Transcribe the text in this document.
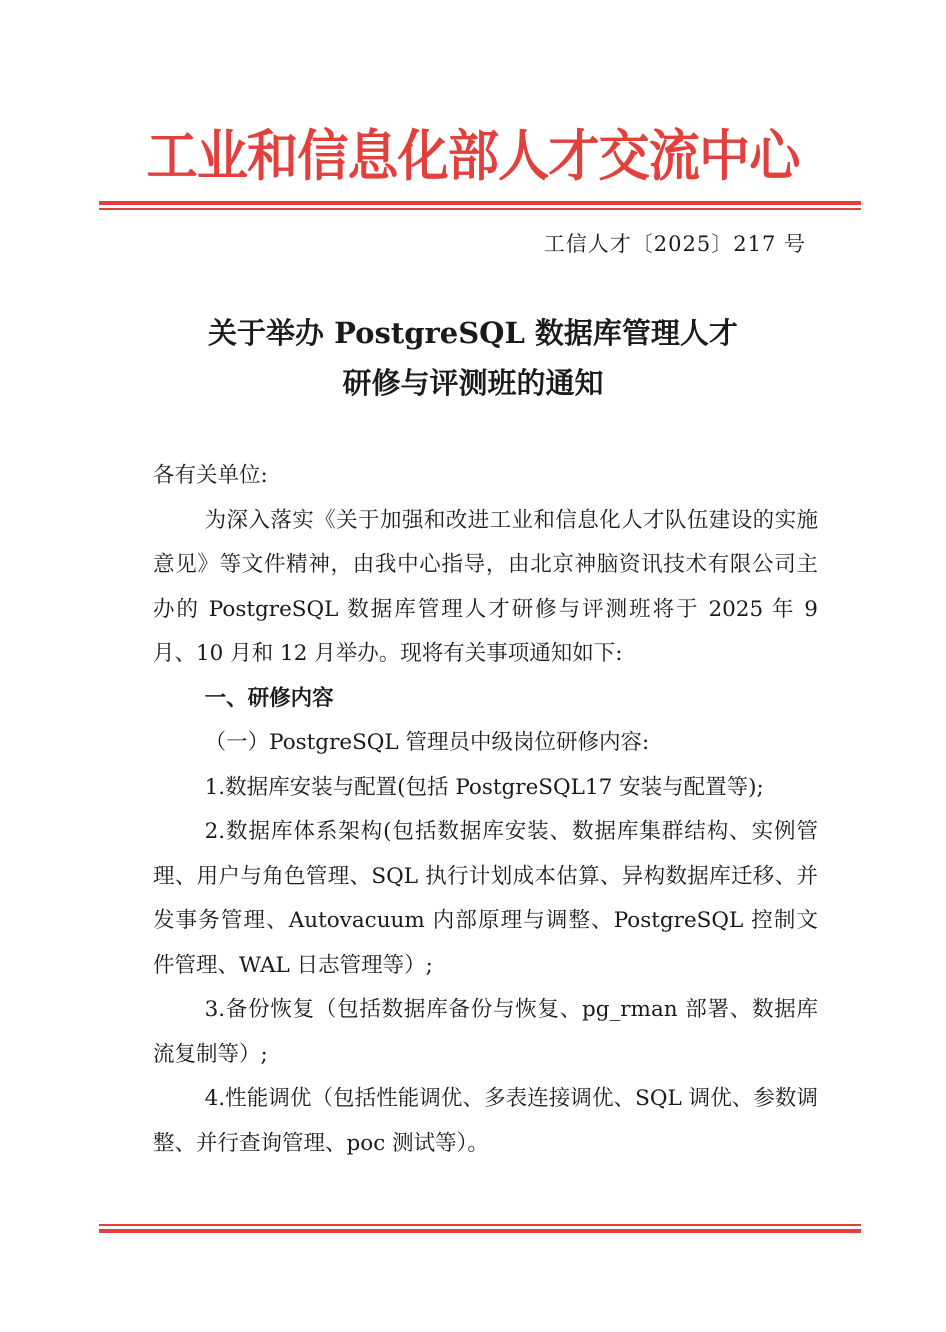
工业和信息化部人才交流中心
工信人才〔2025〕217 号
关于举办 PostgreSQL 数据库管理人才
研修与评测班的通知

各有关单位:

为深入落实《关于加强和改进工业和信息化人才队伍建设的实施意见》等文件精神，由我中心指导，由北京神脑资讯技术有限公司主办的 PostgreSQL 数据库管理人才研修与评测班将于 2025 年 9 月、10 月和 12 月举办。现将有关事项通知如下:

一、研修内容

（一）PostgreSQL 管理员中级岗位研修内容:

1.数据库安装与配置(包括 PostgreSQL17 安装与配置等);

2.数据库体系架构(包括数据库安装、数据库集群结构、实例管理、用户与角色管理、SQL 执行计划成本估算、异构数据库迁移、并发事务管理、Autovacuum 内部原理与调整、PostgreSQL 控制文件管理、WAL 日志管理等）;

3.备份恢复（包括数据库备份与恢复、pg_rman 部署、数据库流复制等）;

4.性能调优（包括性能调优、多表连接调优、SQL 调优、参数调整、并行查询管理、poc 测试等）。
